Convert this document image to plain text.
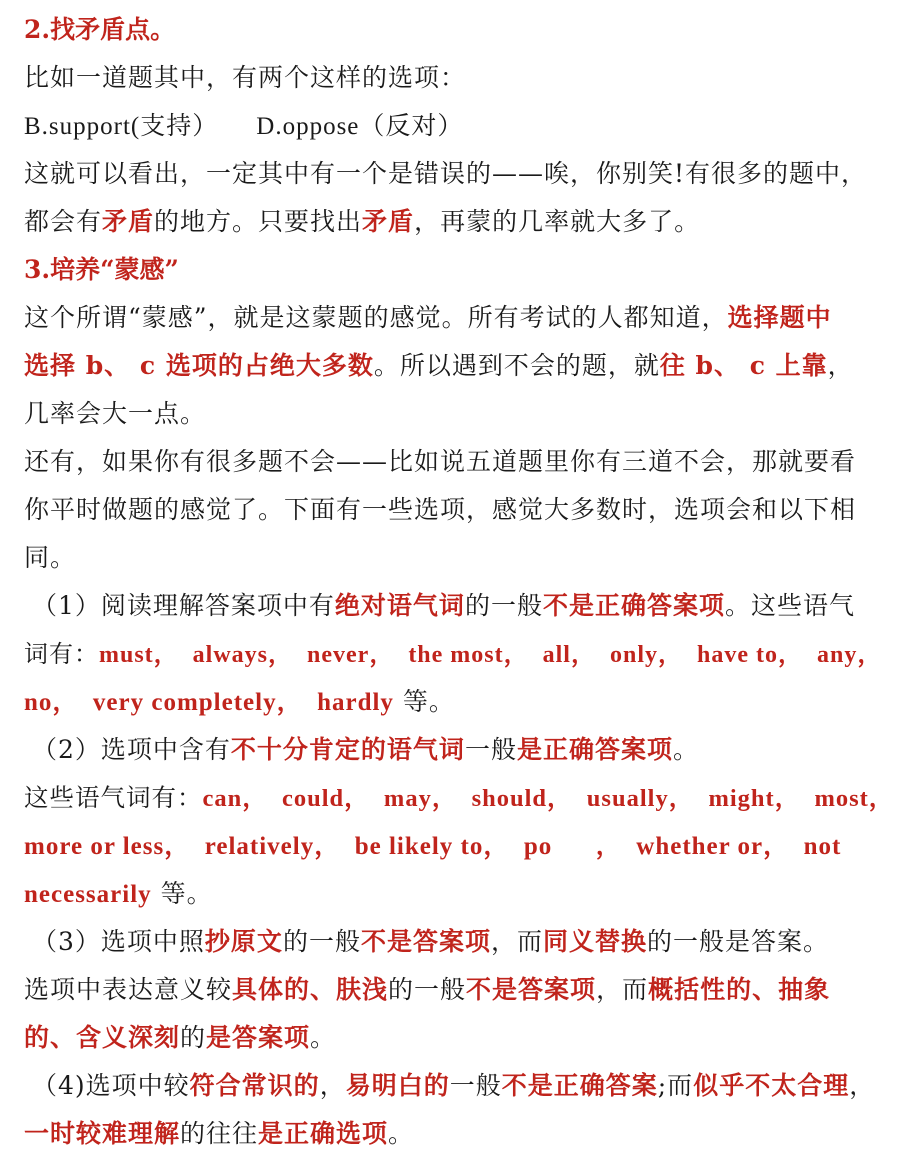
2.找矛盾点。
比如一道题其中，有两个这样的选项：
B.support(支持） D.oppose（反对）
这就可以看出，一定其中有一个是错误的——唉，你别笑!有很多的题中，
都会有矛盾的地方。只要找出矛盾，再蒙的几率就大多了。
3.培养“蒙感”
这个所谓“蒙感”，就是这蒙题的感觉。所有考试的人都知道，选择题中
选择 b、 c 选项的占绝大多数。所以遇到不会的题，就往 b、 c 上靠，
几率会大一点。
还有，如果你有很多题不会——比如说五道题里你有三道不会，那就要看
你平时做题的感觉了。下面有一些选项，感觉大多数时，选项会和以下相
同。
（1）阅读理解答案项中有绝对语气词的一般不是正确答案项。这些语气
词有：must，  always，  never，  the most，  all，  only，  have to，  any，
no，  very completely，  hardly 等。
（2）选项中含有不十分肯定的语气词一般是正确答案项。
这些语气词有：can，  could，  may，  should，  usually，  might，  most，
more or less，  relatively，  be likely to，  po      ，  whether or，  not
necessarily 等。
（3）选项中照抄原文的一般不是答案项，而同义替换的一般是答案。
选项中表达意义较具体的、肤浅的一般不是答案项，而概括性的、抽象
的、含义深刻的是答案项。
（4)选项中较符合常识的，易明白的一般不是正确答案;而似乎不太合理，
一时较难理解的往往是正确选项。
